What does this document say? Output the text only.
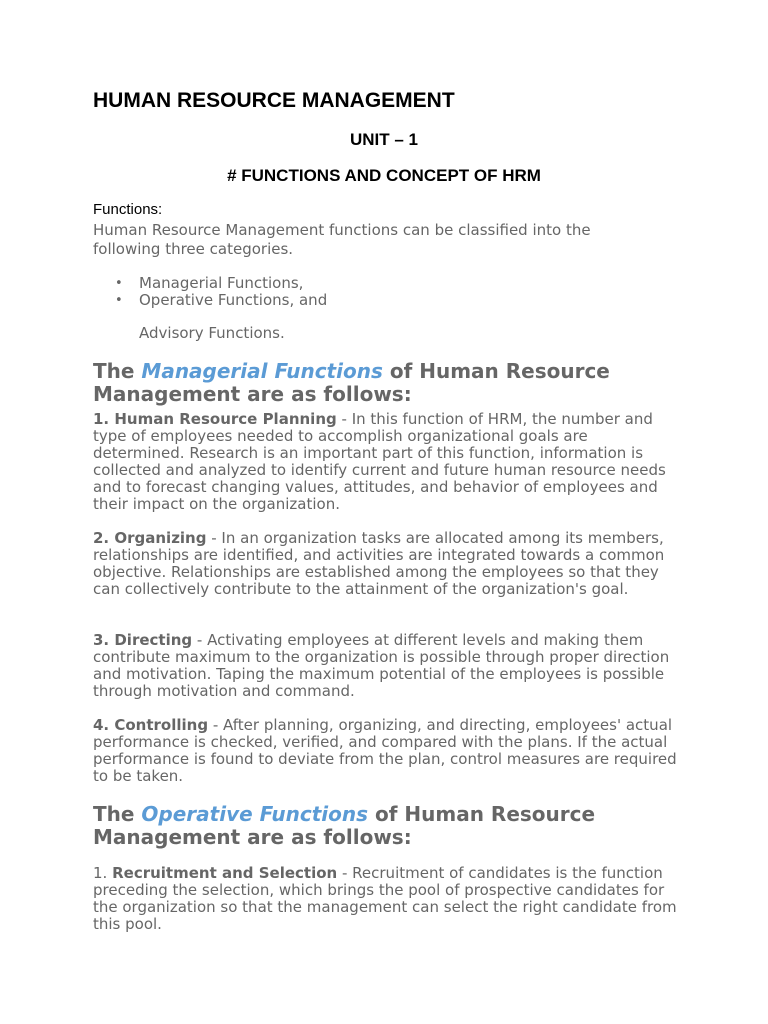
HUMAN RESOURCE MANAGEMENT
UNIT – 1
# FUNCTIONS AND CONCEPT OF HRM
Functions:
Human Resource Management functions can be classified into the following three categories.
• Managerial Functions,
• Operative Functions, and
Advisory Functions.
The Managerial Functions of Human Resource Management are as follows:
1. Human Resource Planning - In this function of HRM, the number and type of employees needed to accomplish organizational goals are determined. Research is an important part of this function, information is collected and analyzed to identify current and future human resource needs and to forecast changing values, attitudes, and behavior of employees and their impact on the organization.
2. Organizing - In an organization tasks are allocated among its members, relationships are identified, and activities are integrated towards a common objective. Relationships are established among the employees so that they can collectively contribute to the attainment of the organization's goal.
3. Directing - Activating employees at different levels and making them contribute maximum to the organization is possible through proper direction and motivation. Taping the maximum potential of the employees is possible through motivation and command.
4. Controlling - After planning, organizing, and directing, employees' actual performance is checked, verified, and compared with the plans. If the actual performance is found to deviate from the plan, control measures are required to be taken.
The Operative Functions of Human Resource Management are as follows:
1. Recruitment and Selection - Recruitment of candidates is the function preceding the selection, which brings the pool of prospective candidates for the organization so that the management can select the right candidate from this pool.
